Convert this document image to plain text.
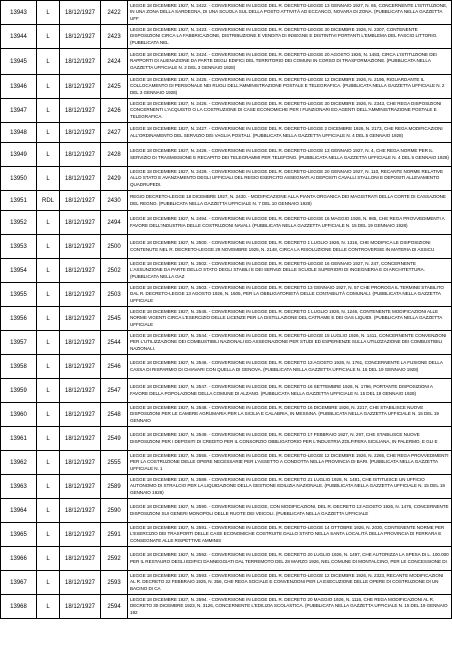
13943	L	18/12/1927	2422	LEGGE 18 DICEMBRE 1927, N. 2422. - CONVERSIONE IN LEGGE DEL R. DECRETO-LEGGE 13 GENNAIO 1927, N. 65, CONCERNENTE L'ISTITUZIONE, IN UNA ZONA DELLA SARDEGNA, DI UNA SCUOLA SUL DELLA POSTO ATTIVITÀ AD ECCANCO, NOVARA DI ZONA. (PUBBLICATA NELLA GAZZETTA UFF

13944	L	18/12/1927	2423	LEGGE 18 DICEMBRE 1927, N. 2423. - CONVERSIONE IN LEGGE DEL R. DECRETO-LEGGE 30 DICEMBRE 1926, N. 2307, CONTENENTE DISPOSIZIONI CIRCA LA FABBRICAZIONE, DISTRIBUZIONE E VENDITA DI INSEGNE E DISTINTIVI PORTANTI L'EMBLEMA DEL FASCIO LITTORIO. (PUBBLICATA NEL

13945	L	18/12/1927	2424	LEGGE 18 DICEMBRE 1927, N. 2424. - CONVERSIONE IN LEGGE DEL R. DECRETO-LEGGE 20 AGOSTO 1926, N. 1483, CIRCA L'ISTITUZIONE DEI RAPPORTI DI ALIENAZIONE DA PARTE DEGLI EDIFICI DEL TERRITORIO DEI COMUNI IN CORSO DI TRASFORMAZIONE. (PUBBLICATA NELLA GAZZETTA UFFICIALE N. 2 DEL 3 GENNAIO 1928)

13946	L	18/12/1927	2425	LEGGE 18 DICEMBRE 1927, N. 2425. - CONVERSIONE IN LEGGE DEL R. DECRETO-LEGGE 12 DICEMBRE 1926, N. 2195, RIGUARDANTE IL COLLOCAMENTO DI PERSONALE NEI RUOLI DELL'AMMINISTRAZIONE POSTALE E TELEGRAFICA. (PUBBLICATA NELLA GAZZETTA UFFICIALE N. 2 DEL 3 GENNAIO 1928)

13947	L	18/12/1927	2426	LEGGE 18 DICEMBRE 1927, N. 2426. - CONVERSIONE IN LEGGE DEL R. DECRETO-LEGGE 30 DICEMBRE 1926, N. 2343, CHE REGA DISPOSIZIONI CONCERNENTI L'ACQUISTO O LA COSTRUZIONE DI CASE ECONOMICHE PER I FUNZIONARI ED AGENTI DELL'AMMINISTRAZIONE POSTALE E TELEGRAFICA.

13948	L	18/12/1927	2427	LEGGE 18 DICEMBRE 1927, N. 2427. - CONVERSIONE IN LEGGE DEL R. DECRETO-LEGGE 2 DICEMBRE 1926, N. 2173, CHE REGA MODIFICAZIONI ALL'ORDINAMENTO DEL SERVIZIO DEI VAGLIA POSTALI. (PUBBLICATA NELLA GAZZETTA UFFICIALE N. 4 DEL 5 GENNAIO 1928)

13949	L	18/12/1927	2428	LEGGE 18 DICEMBRE 1927, N. 2428. - CONVERSIONE IN LEGGE DEL R. DECRETO-LEGGE 13 GENNAIO 1927, N. 4, CHE REGA NORME PER IL SERVIZIO DI TRASMISSIONE E RECAPITO DEI TELEGRAMMI PER TELEFONO. (PUBBLICATA NELLA GAZZETTA UFFICIALE N. 4 DEL 5 GENNAIO 1928)

13950	L	18/12/1927	2429	LEGGE 18 DICEMBRE 1927, N. 2429. - CONVERSIONE IN LEGGE DEL R. DECRETO-LEGGE 20 GENNAIO 1927, N. 110, RECANTE NORME RELATIVE ALLO STATO E AVANZAMENTO DEGLI UFFICIALI DEL REGIO ESERCITO ASSEGNATI AI DEPOSITI CAVALLI STALLONI E DEPOSITI ALLEVAMENTO QUADRUPEDI.

13951	RDL	18/12/1927	2430	REGIO DECRETO-LEGGE 18 DICEMBRE 1927, N. 2430. - MODIFICAZIONE ALLA PIANTA ORGANICA DEI MAGISTRATI DELLA CORTE DI CASSAZIONE DEL REGNO. (PUBBLICATA NELLA GAZZETTA UFFICIALE N. 7 DEL 10 GENNAIO 1928)

13952	L	18/12/1927	2494	LEGGE 18 DICEMBRE 1927, N. 2494. - CONVERSIONE IN LEGGE DEL R. DECRETO-LEGGE 16 MAGGIO 1926, N. 985, CHE REGA PROVVEDIMENTI A FAVORE DELL'INDUSTRIA DELLE COSTRUZIONI NAVALI. (PUBBLICATA NELLA GAZZETTA UFFICIALE N. 15 DEL 19 GENNAIO 1928)

13953	L	18/12/1927	2500	LEGGE 18 DICEMBRE 1927, N. 2500. - CONVERSIONE IN LEGGE DEL R. DECRETO 1 LUGLIO 1926, N. 1316, CHE MODIFICA LE DISPOSIZIONI CONTENUTE NEL R. DECRETO-LEGGE 29 NOVEMBRE 1925, N. 2148, CIRCA LA RISOLUZIONE DELLE CONTROVERSIE IN MATERIA DI ASSICU

13954	L	18/12/1927	2502	LEGGE 18 DICEMBRE 1927, N. 2502. - CONVERSIONE IN LEGGE DEL R. DECRETO-LEGGE 16 GENNAIO 1927, N. 247, CONCERNENTE L'ASSUNZIONE DA PARTE DELLO STATO DEGLI STABILI E DEI SERVIZI DELLE SCUOLE SUPERIORI DI INGEGNERIA E DI ARCHITETTURA. (PUBBLICATA NELLA GAZ

13955	L	18/12/1927	2503	LEGGE 18 DICEMBRE 1927, N. 2503. - CONVERSIONE IN LEGGE DEL R. DECRETO 13 GENNAIO 1927, N. 57 CHE PROROGA IL TERMINE STABILITO DAL R. DECRETO-LEGGE 13 AGOSTO 1926, N. 1605, PER LA OBBLIGATORIETÀ DELLE CONTABILITÀ COMUNALI. (PUBBLICATA NELLA GAZZETTA UFFICIALE

13956	L	18/12/1927	2545	LEGGE 18 DICEMBRE 1927, N. 2545. - CONVERSIONE IN LEGGE DEL R. DECRETO 1 LUGLIO 1926, N. 1246, CONTENENTE MODIFICAZIONI ALLE NORME VIGENTI CIRCA L'ESERCIZIO DELLE LICENZE PER LA DISTILLAZIONE DEL CATRAME E DEI GAS LIQUIDI. (PUBBLICATA NELLA GAZZETTA UFFICIALE

13957	L	18/12/1927	2544	LEGGE 18 DICEMBRE 1927, N. 2544. - CONVERSIONE IN LEGGE DEL R. DECRETO-LEGGE 15 LUGLIO 1926, N. 1411, CONCERNENTE CONVENZIONI PER L'UTILIZZAZIONE DEI COMBUSTIBILI NAZIONALI ED ASSEGNAZIONE PER STUDI ED ESPERIENZE SULLA UTILIZZAZIONE DEI COMBUSTIBILI NAZIONALI.

13958	L	18/12/1927	2546	LEGGE 18 DICEMBRE 1927, N. 2546. - CONVERSIONE IN LEGGE DEL R. DECRETO 13 AGOSTO 1926, N. 1761, CONCERNENTE LA FUSIONE DELLA CASSA DI RISPARMIO DI CHIAVARI CON QUELLA DI GENOVA. (PUBBLICATA NELLA GAZZETTA UFFICIALE N. 15 DEL 19 GENNAIO 1928)

13959	L	18/12/1927	2547	LEGGE 18 DICEMBRE 1927, N. 2547. - CONVERSIONE IN LEGGE DEL R. DECRETO 16 SETTEMBRE 1926, N. 1796, PORTANTE DISPOSIZIONI A FAVORE DELLA POPOLAZIONE DELLA COMUNE DI ALZANO. (PUBBLICATA NELLA GAZZETTA UFFICIALE N. 15 DEL 19 GENNAIO 1928)

13960	L	18/12/1927	2548	LEGGE 18 DICEMBRE 1927, N. 2548. - CONVERSIONE IN LEGGE DEL R. DECRETO 16 DICEMBRE 1926, N. 2217, CHE STABILISCE NUOVE DISPOSIZIONI PER LE CAMERE AGRUMARIA PER LA SICILIA E CALABRIA, IN MESSINA. (PUBBLICATA NELLA GAZZETTA UFFICIALE N. 15 DEL 19 GENNAIO

13961	L	18/12/1927	2549	LEGGE 18 DICEMBRE 1927, N. 2549. - CONVERSIONE IN LEGGE DEL R. DECRETO 17 FEBBRAIO 1927, N. 297, CHE STABILISCE NUOVE DISPOSIZIONI PER I DEPOSITI DI CREDITO PER IL CONSORZIO OBBLIGATORIO PER L'INDUSTRIA ZOLFIFERA SICILIANA, IN PALERMO, E GLI E

13962	L	18/12/1927	2555	LEGGE 18 DICEMBRE 1927, N. 2555. - CONVERSIONE IN LEGGE DEL R. DECRETO-LEGGE 12 DICEMBRE 1926, N. 2265, CHE REGA PROVVEDIMENTI PER LA COSTRUZIONE DELLE OPERE NECESSARIE PER L'ASSETTO A CONDOTTA NELLA PROVINCIA DI BARI. (PUBBLICATA NELLA GAZZETTA UFFICIALE N. 1

13963	L	18/12/1927	2589	LEGGE 18 DICEMBRE 1927, N. 2589. - CONVERSIONE IN LEGGE DEL R. DECRETO 21 LUGLIO 1926, N. 1481, CHE ISTITUISCE UN UFFICIO AUTONOMO DI STRALCIO PER LA LIQUIDAZIONE DELLA GESTIONE EDILIZIA NAZIONALE. (PUBBLICATA NELLA GAZZETTA UFFICIALE N. 15 DEL 19 GENNAIO 1928)

13964	L	18/12/1927	2590	LEGGE 18 DICEMBRE 1927, N. 2590. - CONVERSIONE IN LEGGE, CON MODIFICAZIONI, DEL R. DECRETO 13 AGOSTO 1926, N. 1476, CONCERNENTE DISPOSIZIONI SUI GENERI MONOPOLI DELLE RUOTE DEI VEICOLI. (PUBBLICATA NELLA GAZZETTA UFFICIALE

13965	L	18/12/1927	2591	LEGGE 18 DICEMBRE 1927, N. 2591. - CONVERSIONE IN LEGGE DEL R. DECRETO-LEGGE 14 OTTOBRE 1926, N. 2030, CONTENENTE NORME PER L'ESERCIZIO DEI TRASPORTI DELLE CASE ECONOMICHE COSTRUITE DALLO STATO NELLA SANTA LOCALITÀ DELLA PROVINCIA DI FERRARA E CONSEGNATE ALLE RISPETTIVE AMMINIS

13966	L	18/12/1927	2592	LEGGE 18 DICEMBRE 1927, N. 2592. - CONVERSIONE IN LEGGE DEL R. DECRETO 20 LUGLIO 1926, N. 1497, CHE AUTORIZZA LA SPESA DI L. 100.000 PER IL RESTAURO DEGLI EDIFICI DANNEGGIATI DAL TERREMOTO DEL 28 MARZO 1926, NEL COMUNE DI MONTALCINO, PER LE CONCESSIONE DI

13967	L	18/12/1927	2593	LEGGE 18 DICEMBRE 1927, N. 2593. - CONVERSIONE IN LEGGE DEL R. DECRETO-LEGGE 12 DICEMBRE 1926, N. 2323, RECANTE MODIFICAZIONI AL R. DECRETO 22 FEBBRAIO 1925, N. 356, CHE REGA SOCIALE E CONVENZIONI PER LA ESECUZIONE DELLE OPERE DI COSTRUZIONE DI UN BACINO DI CA

13968	L	18/12/1927	2594	LEGGE 18 DICEMBRE 1927, N. 2594. - CONVERSIONE IN LEGGE DEL R. DECRETO 20 MAGGIO 1926, N. 1116, CHE REGA MODIFICAZIONI AL R. DECRETO 30 DICEMBRE 1923, N. 3126, CONCERNENTE L'EDILIZIA SCOLASTICA. (PUBBLICATA NELLA GAZZETTA UFFICIALE N. 15 DEL 19 GENNAIO 192
